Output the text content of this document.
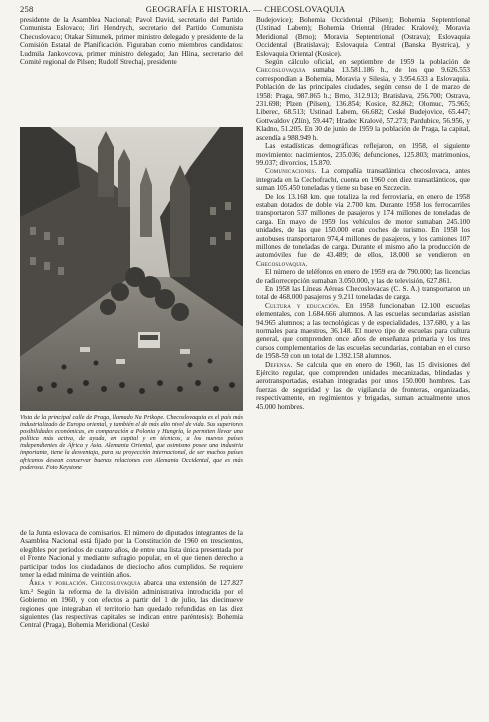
258	GEOGRAFÍA E HISTORIA. — CHECOSLOVAQUIA

presidente de la Asamblea Nacional; Pavol David, secretario del Partido Comunista Eslovaco; Jiri Hendrych, secretario del Partido Comunista Checoslovaco; Otakar Simunek, primer ministro delegado y presidente de la Comisión Estatal de Planificación. Figuraban como miembros candidatos: Ludmila Jankovcova, primer ministro delegado; Jan Hlina, secretario del Comité regional de Pilsen; Rudolf Strechaj, presidente

Vista de la principal calle de Praga, llamado Na Prikope. Checoslovaquia es el país más industrializado de Europa oriental, y también el de más alto nivel de vida. Sus superiores posibilidades económicas, en comparación a Polonia y Hungría, le permiten llevar una política más activa, de ayuda, en capital y en técnicos, a los nuevos países independientes de África y Asia. Alemania Oriental, que asimismo posee una industria importante, tiene la desventaja, para su proyección internacional, de ser muchos países africanos desean conservar buenas relaciones con Alemania Occidental, que es más poderosa. Foto Keystone

de la Junta eslovaca de comisarios. El número de diputados integrantes de la Asamblea Nacional está fijado por la Constitución de 1960 en trescientos, elegibles por períodos de cuatro años, de entre una lista única presentada por el Frente Nacional y mediante sufragio popular, en el que tienen derecho a participar todos los ciudadanos de dieciocho años cumplidos. Se requiere tener la edad mínima de veintiún años.

Área y población. Checoslovaquia abarca una extensión de 127.827 km.² Según la reforma de la división administrativa introducida por el Gobierno en 1960, y con efectos a partir del 1 de julio, las diecinueve regiones que integraban el territorio han quedado refundidas en las diez siguientes (las respectivas capitales se indican entre paréntesis): Bohemia Central (Praga), Bohemia Meridional (Ceské

Budejovice); Bohemia Occidental (Pilsen); Bohemia Septentrional (Ustinad Labem); Bohemia Oriental (Hradec Kralové); Moravia Meridional (Brno); Moravia Septentrional (Ostrava); Eslovaquia Occidental (Bratislava); Eslovaquia Central (Banska Bystrica), y Eslovaquia Oriental (Kosice).

Según cálculo oficial, en septiembre de 1959 la población de Checoslovaquia sumaba 13.581.186 h., de los que 9.626.553 correspondían a Bohemia, Moravia y Silesia, y 3.954.633 a Eslovaquia. Población de las principales ciudades, según censo de 1 de marzo de 1958: Praga, 987.865 h.; Brno, 312.913; Bratislava, 256.700; Ostrava, 231.698; Plzen (Pilsen), 136.854; Kosice, 82.862; Olomuc, 75.965; Liberec, 68.513; Ustinad Labem, 66.682; Ceské Budejovice, 65.447; Gottwaldov (Zlín), 59.447; Hradec Kralové, 57.273; Pardubice, 56.956, y Kladno, 51.205. En 30 de junio de 1959 la población de Praga, la capital, ascendía a 988.949 h.

Las estadísticas demográficas reflejaron, en 1958, el siguiente movimiento: nacimientos, 235.036; defunciones, 125.803; matrimonios, 99.037; divorcios, 15.870.

Comunicaciones. La compañía transatlántica checoslovaca, antes integrada en la Cechofracht, cuenta en 1960 con diez transatlánticos, que suman 105.450 toneladas y tiene su base en Szczecin.

De los 13.168 km. que totaliza la red ferroviaria, en enero de 1958 estaban dotados de doble vía 2.700 km. Durante 1958 los ferrocarriles transportaron 537 millones de pasajeros y 174 millones de toneladas de carga. En mayo de 1959 los vehículos de motor sumaban 245.100 unidades, de las que 150.000 eran coches de turismo. En 1958 los autobuses transportaron 974,4 millones de pasajeros, y los camiones 107 millones de toneladas de carga. Durante el mismo año la producción de automóviles fue de 43.489; de ellos, 18.000 se vendieron en Checoslovaquia.

El número de teléfonos en enero de 1959 era de 790.000; las licencias de radiorrecepción sumaban 3.050.000, y las de televisión, 627.861.

En 1958 las Líneas Aéreas Checoslovacas (C. S. A.) transportaron un total de 468.000 pasajeros y 9.211 toneladas de carga.

Cultura y educación. En 1958 funcionaban 12.100 escuelas elementales, con 1.684.666 alumnos. A las escuelas secundarias asistían 94.965 alumnos; a las tecnológicas y de especialidades, 137.680, y a las normales para maestros, 36.148. El nuevo tipo de escuelas para cultura general, que comprenden once años de enseñanza primaria y los tres cursos complementarios de las escuelas secundarias, contaban en el curso de 1958-59 con un total de 1.392.158 alumnos.

Defensa. Se calcula que en enero de 1960, las 15 divisiones del Ejército regular, que comprenden unidades mecanizadas, blindadas y aerotransportadas, estaban integradas por unos 150.000 hombres. Las fuerzas de seguridad y las de vigilancia de fronteras, organizadas, respectivamente, en regimientos y brigadas, suman actualmente unos 45.000 hombres.
